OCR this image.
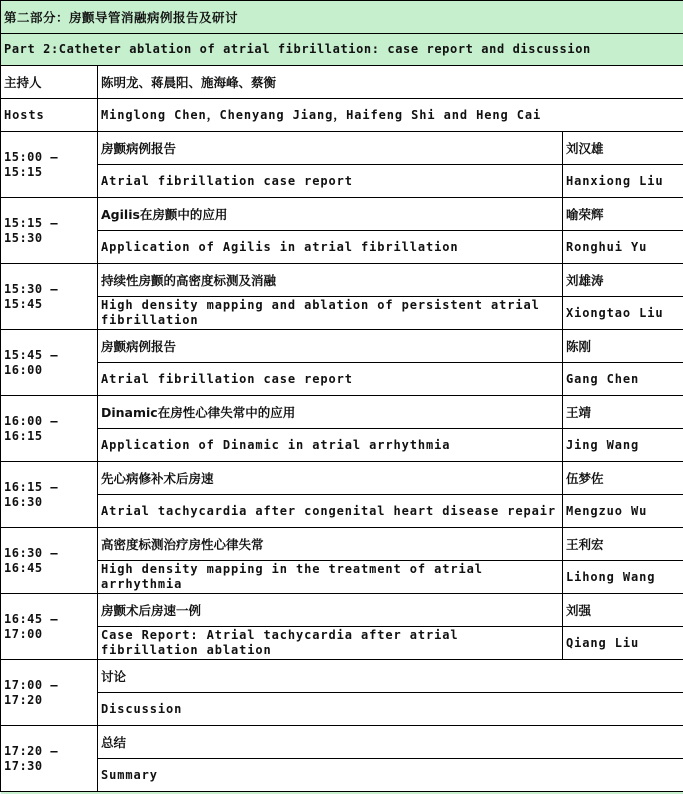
第二部分：房颤导管消融病例报告及研讨		
Part 2:Catheter ablation of atrial fibrillation: case report and discussion		
主持人	陈明龙、蒋晨阳、施海峰、蔡衡	
Hosts	Minglong Chen，Chenyang Jiang，Haifeng Shi and Heng Cai	
15:00 – 15:15	房颤病例报告	刘汉雄
	Atrial fibrillation case report	Hanxiong Liu
15:15 – 15:30	Agilis在房颤中的应用	喻荣辉
	Application of Agilis in atrial fibrillation	Ronghui Yu
15:30 – 15:45	持续性房颤的高密度标测及消融	刘雄涛
	High density mapping and ablation of persistent atrial fibrillation	Xiongtao Liu
15:45 – 16:00	房颤病例报告	陈刚
	Atrial fibrillation case report	Gang Chen
16:00 – 16:15	Dinamic在房性心律失常中的应用	王靖
	Application of Dinamic in atrial arrhythmia	Jing Wang
16:15 – 16:30	先心病修补术后房速	伍梦佐
	Atrial tachycardia after congenital heart disease repair	Mengzuo Wu
16:30 – 16:45	高密度标测治疗房性心律失常	王利宏
	High density mapping in the treatment of atrial arrhythmia	Lihong Wang
16:45 – 17:00	房颤术后房速一例	刘强
	Case Report: Atrial tachycardia after atrial fibrillation ablation	Qiang Liu
17:00 – 17:20	讨论	
	Discussion	
17:20 – 17:30	总结	
	Summary	
